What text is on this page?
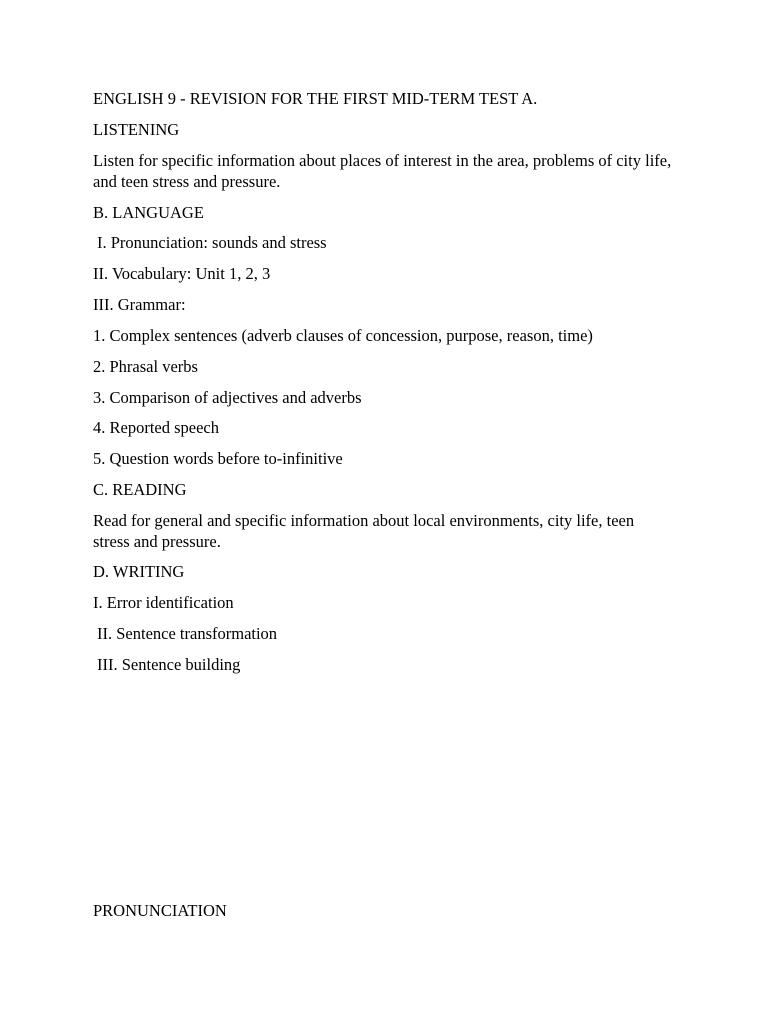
ENGLISH 9 - REVISION FOR THE FIRST MID-TERM TEST A.

LISTENING

Listen for specific information about places of interest in the area, problems of city life, and teen stress and pressure.

B. LANGUAGE

I. Pronunciation: sounds and stress

II. Vocabulary: Unit 1, 2, 3

III. Grammar:

1. Complex sentences (adverb clauses of concession, purpose, reason, time)

2. Phrasal verbs

3. Comparison of adjectives and adverbs

4. Reported speech

5. Question words before to-infinitive

C. READING

Read for general and specific information about local environments, city life, teen stress and pressure.

D. WRITING

I. Error identification

II. Sentence transformation

III. Sentence building

PRONUNCIATION
